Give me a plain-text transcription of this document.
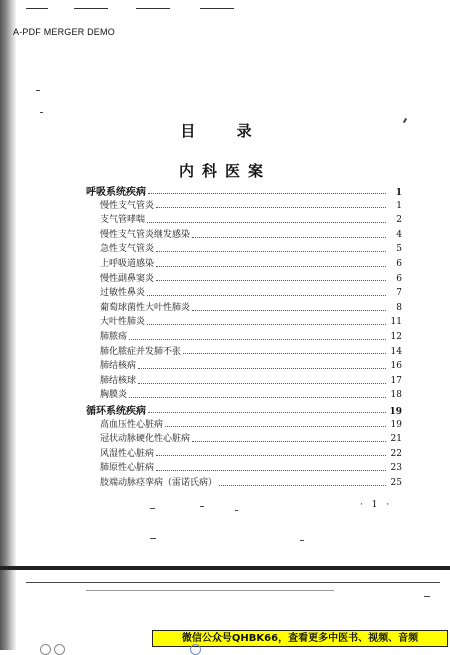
A-PDF MERGER DEMO
目 录
内科医案
呼吸系统疾病	1
慢性支气管炎	1
支气管哮喘	2
慢性支气管炎继发感染	4
急性支气管炎	5
上呼吸道感染	6
慢性副鼻窦炎	6
过敏性鼻炎	7
葡萄球菌性大叶性肺炎	8
大叶性肺炎	11
肺脓疡	12
肺化脓症并发肺不张	14
肺结核病	16
肺结核球	17
胸膜炎	18
循环系统疾病	19
高血压性心脏病	19
冠状动脉硬化性心脏病	21
风湿性心脏病	22
肺原性心脏病	23
肢端动脉痉挛病（雷诺氏病）	25
· 1 ·
微信公众号QHBK66，查看更多中医书、视频、音频
